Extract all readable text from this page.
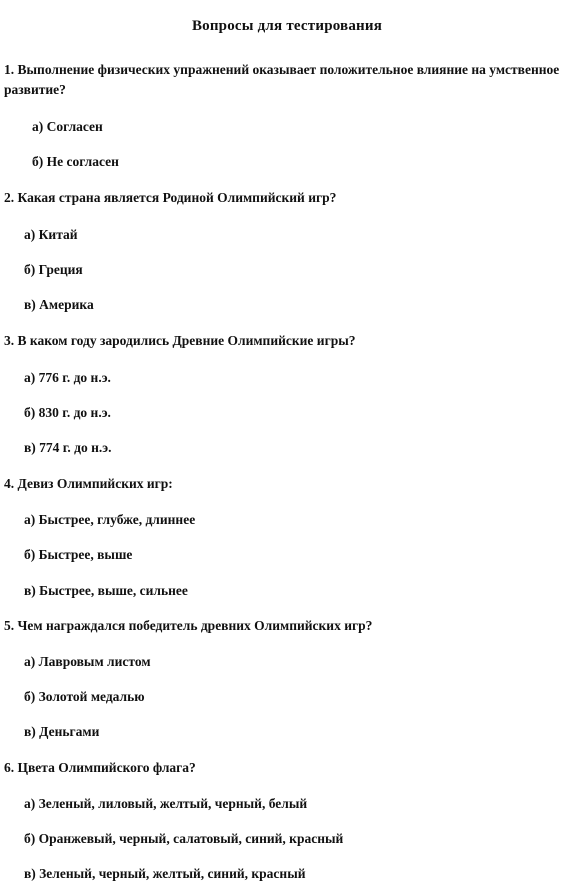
Вопросы для тестирования
1. Выполнение физических упражнений оказывает положительное влияние на умственное развитие?
а) Согласен
б) Не согласен
2. Какая страна является Родиной Олимпийский игр?
а) Китай
б) Греция
в) Америка
3. В каком году зародились Древние Олимпийские игры?
а) 776 г. до н.э.
б) 830 г. до н.э.
в) 774 г. до н.э.
4. Девиз Олимпийских игр:
а) Быстрее, глубже, длиннее
б) Быстрее, выше
в) Быстрее, выше, сильнее
5. Чем награждался победитель древних Олимпийских игр?
а) Лавровым листом
б) Золотой медалью
в) Деньгами
6. Цвета Олимпийского флага?
а) Зеленый, лиловый, желтый, черный, белый
б) Оранжевый, черный, салатовый, синий, красный
в) Зеленый, черный, желтый, синий, красный
